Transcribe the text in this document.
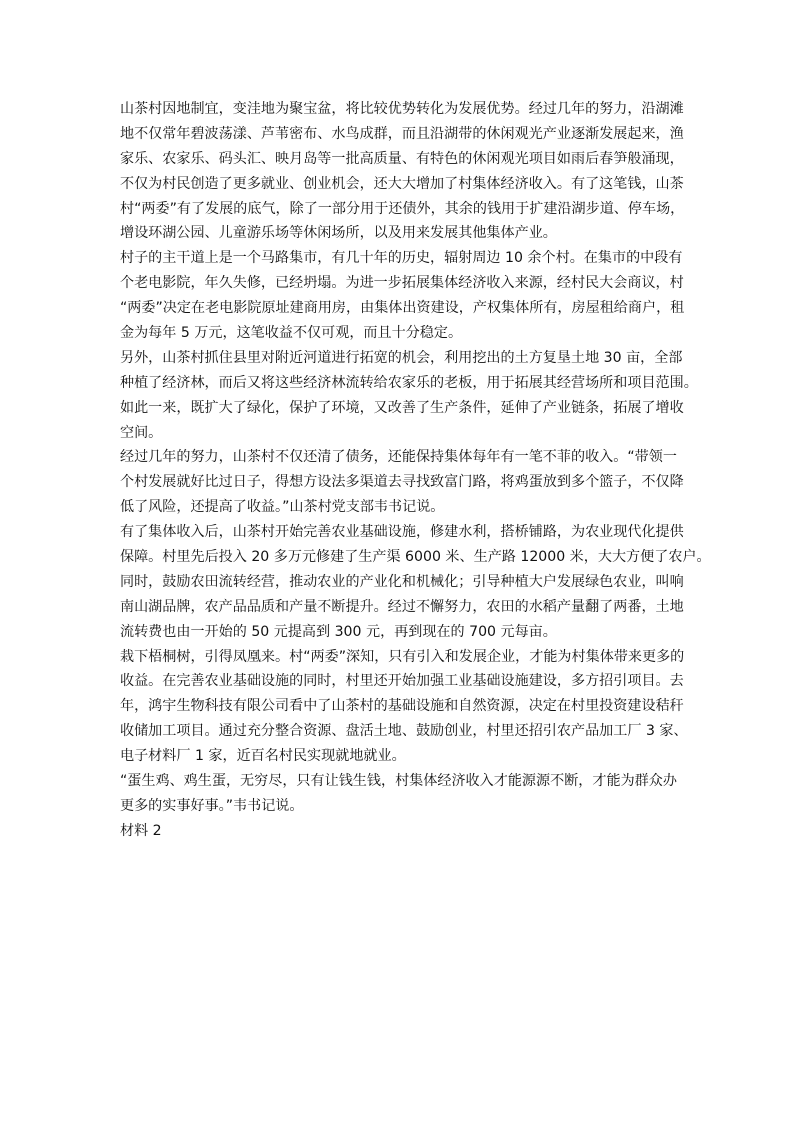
山茶村因地制宜，变洼地为聚宝盆，将比较优势转化为发展优势。经过几年的努力，沿湖滩
地不仅常年碧波荡漾、芦苇密布、水鸟成群，而且沿湖带的休闲观光产业逐渐发展起来，渔
家乐、农家乐、码头汇、映月岛等一批高质量、有特色的休闲观光项目如雨后春笋般涌现，
不仅为村民创造了更多就业、创业机会，还大大增加了村集体经济收入。有了这笔钱，山茶
村“两委”有了发展的底气，除了一部分用于还债外，其余的钱用于扩建沿湖步道、停车场，
增设环湖公园、儿童游乐场等休闲场所，以及用来发展其他集体产业。
村子的主干道上是一个马路集市，有几十年的历史，辐射周边 10 余个村。在集市的中段有
个老电影院，年久失修，已经坍塌。为进一步拓展集体经济收入来源，经村民大会商议，村
“两委”决定在老电影院原址建商用房，由集体出资建设，产权集体所有，房屋租给商户，租
金为每年 5 万元，这笔收益不仅可观，而且十分稳定。
另外，山茶村抓住县里对附近河道进行拓宽的机会，利用挖出的土方复垦土地 30 亩，全部
种植了经济林，而后又将这些经济林流转给农家乐的老板，用于拓展其经营场所和项目范围。
如此一来，既扩大了绿化，保护了环境，又改善了生产条件，延伸了产业链条，拓展了增收
空间。
经过几年的努力，山茶村不仅还清了债务，还能保持集体每年有一笔不菲的收入。“带领一
个村发展就好比过日子，得想方设法多渠道去寻找致富门路，将鸡蛋放到多个篮子，不仅降
低了风险，还提高了收益。”山茶村党支部韦书记说。
有了集体收入后，山茶村开始完善农业基础设施，修建水利，搭桥铺路，为农业现代化提供
保障。村里先后投入 20 多万元修建了生产渠 6000 米、生产路 12000 米，大大方便了农户。
同时，鼓励农田流转经营，推动农业的产业化和机械化；引导种植大户发展绿色农业，叫响
南山湖品牌，农产品品质和产量不断提升。经过不懈努力，农田的水稻产量翻了两番，土地
流转费也由一开始的 50 元提高到 300 元，再到现在的 700 元每亩。
栽下梧桐树，引得凤凰来。村“两委”深知，只有引入和发展企业，才能为村集体带来更多的
收益。在完善农业基础设施的同时，村里还开始加强工业基础设施建设，多方招引项目。去
年，鸿宇生物科技有限公司看中了山茶村的基础设施和自然资源，决定在村里投资建设秸秆
收储加工项目。通过充分整合资源、盘活土地、鼓励创业，村里还招引农产品加工厂 3 家、
电子材料厂 1 家，近百名村民实现就地就业。
“蛋生鸡、鸡生蛋，无穷尽，只有让钱生钱，村集体经济收入才能源源不断，才能为群众办
更多的实事好事。”韦书记说。
材料 2
